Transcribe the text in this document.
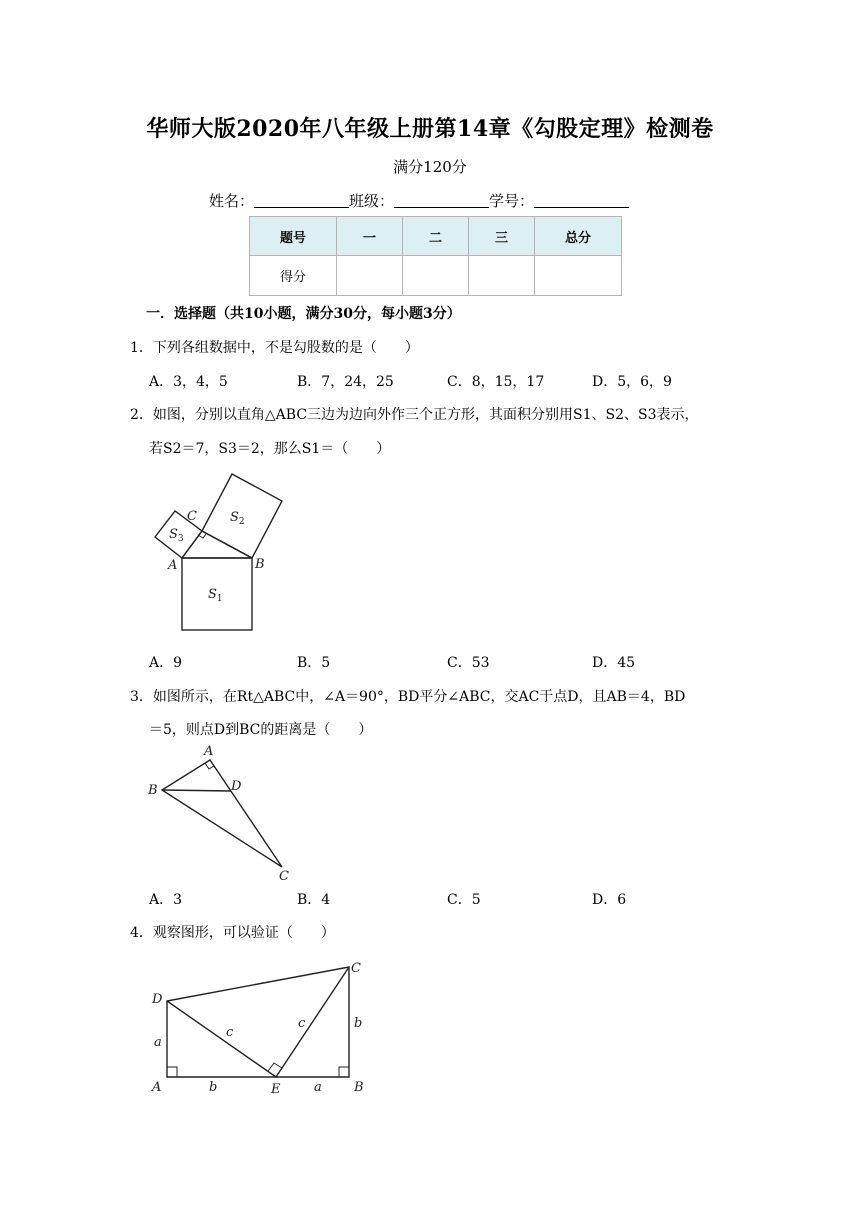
华师大版2020年八年级上册第14章《勾股定理》检测卷
满分120分
姓名：	班级：	学号：
题号	一	二	三	总分
得分				
一．选择题（共10小题，满分30分，每小题3分）
1．下列各组数据中，不是勾股数的是（　　）
A．3，4，5	B．7，24，25	C．8，15，17	D．5，6，9
2．如图，分别以直角△ABC三边为边向外作三个正方形，其面积分别用S1、S2、S3表示，
若S2＝7，S3＝2，那么S1＝（　　）
A	B
C
$S_1$
$S_2$
$S_3$
A．9	B．5	C．53	D．45
3．如图所示，在Rt△ABC中，∠A＝90°，BD平分∠ABC，交AC于点D，且AB＝4，BD
＝5，则点D到BC的距离是（　　）
A
B
C
D
A．3	B．4	C．5	D．6
4．观察图形，可以验证（　　）
A	B
C
D
E
a
a
b
b
c
c
